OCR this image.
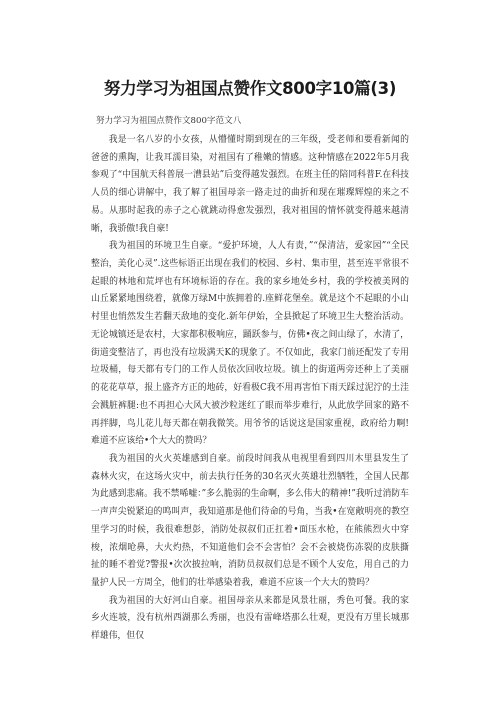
努力学习为祖国点赞作文800字10篇(3)
努力学习为祖国点赞作文800字范文八

我是一名八岁的小女孩，从懵懂时期到现在的三年级，受老师和要看新闻的爸爸的熏陶，让我耳濡目染，对祖国有了稚嫩的情感。这种情感在2022年5月我参观了“中国航天科普展一漕县站”后变得越发强烈。在班主任的陪同科普F.在科技人员的细心讲解中，我了解了祖国母亲一路走过的曲折和现在璀璨辉煌的来之不易。从那时起我的赤子之心就跳动得愈发强烈，我对祖国的情怀就变得越来越清晰，我骄傲!我自豪!

我为祖国的环境卫生自豪。“爱护环境，人人有责，”“保清洁，爱家园”“全民整治，美化心灵”.这些标语正出现在我们的校园、乡村、集市里，甚至连平常很不起眼的林地和荒坪也有环境标语的存在。我的家乡地处乡村，我的学校被美网的山丘紧紧地围绕着，就像万绿M中族拥着的.座鲜花堡垒。就是这个不起眼的小山村里也悄然发生若翻天敌地的变化.新年伊始，全县掀起了环境卫生大整治活动。无论城镇还是农村，大家都积极响应，踊跃参与，仿佛•夜之间山绿了，水清了，街道变整洁了，再也没有垃圾满天K的现象了。不仅如此，我家门前还配发了专用垃圾桶，每天都有专门的工作人员依次回收垃圾。镇上的街道两旁还种上了美丽的花花草草，报上盛齐方正的地砖，好看极C我不用再害怕下雨天踩过泥泞的土洼会溅脏裤腿:也不再担心大风大被沙粒迷红了眼而举步难行，从此放学回家的路不再拌脚，鸟儿花儿每天都在朝我微笑。用爷爷的话说这是国家重视，政府给力啊!难道不应该给•个大大的赞吗？

我为祖国的火火英雄感到自豪。前段时间我从电视里看到四川木里县发生了森林火灾，在这场火灾中，前去执行任务的30名灭火英雄壮烈牺牲，全国人民都为此感到悲痛。我不禁唏嘘：”多么脆弱的生命啊，多么伟大的精神!”我听过消防车一声声尖锐紧迫的鸣叫声，我知道那是他们待命的号角，当我•在宽敞明亮的教空里学习的时候，我很难想彭，消防处叔叔们正扛着•面压水枪，在熊熊烈火中穿梭，浓烟呛鼻，大火灼热，不知道他们会不会害怕？会不会被烧伤冻裂的皮肤撕扯的睡不着觉?警报•次次披拉响，消防员叔叔们总是不顾个人安危，用自己的力量护人民一方周全，他们的壮举感染着我，难道不应该一个大大的赞吗？

我为祖国的大好河山自豪。祖国母亲从来都是风景壮丽，秀色可餐。我的家乡火连坡，没有杭州西湖那么秀丽，也没有雷峰塔那么壮观，更没有万里长城那样雄伟，但仅
